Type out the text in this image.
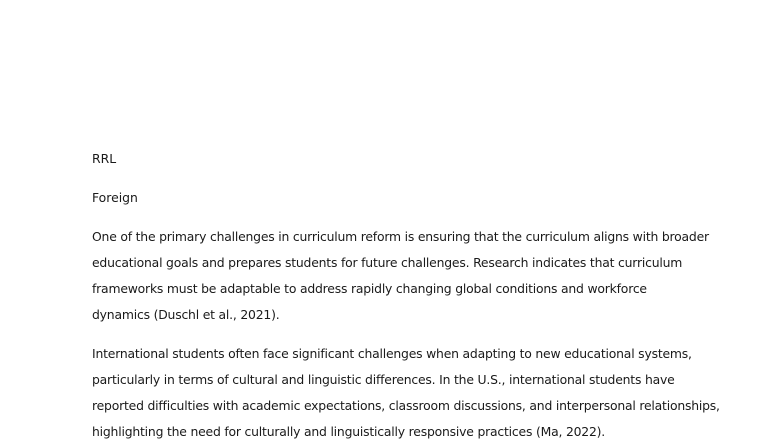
RRL
Foreign
One of the primary challenges in curriculum reform is ensuring that the curriculum aligns with broader
educational goals and prepares students for future challenges. Research indicates that curriculum
frameworks must be adaptable to address rapidly changing global conditions and workforce
dynamics (Duschl et al., 2021).
International students often face significant challenges when adapting to new educational systems,
particularly in terms of cultural and linguistic differences. In the U.S., international students have
reported difficulties with academic expectations, classroom discussions, and interpersonal relationships,
highlighting the need for culturally and linguistically responsive practices (Ma, 2022).
